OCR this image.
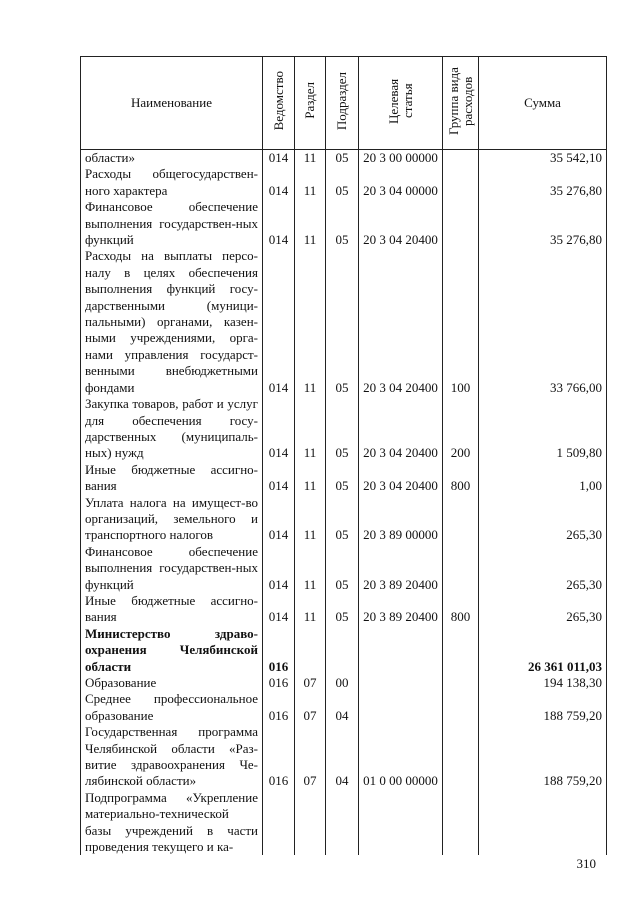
Наименование	Ведомство	Раздел	Подраздел	Целевая статья	Группа вида расходов	Сумма
области»	014	11	05	20 3 00 00000		35 542,10
Расходы общегосударствен-ного характера	014	11	05	20 3 04 00000		35 276,80
Финансовое обеспечение выполнения государствен-ных функций	014	11	05	20 3 04 20400		35 276,80
Расходы на выплаты персо-налу в целях обеспечения выполнения функций госу-дарственными (муници-пальными) органами, казен-ными учреждениями, орга-нами управления государст-венными внебюджетными фондами	014	11	05	20 3 04 20400	100	33 766,00
Закупка товаров, работ и услуг для обеспечения госу-дарственных (муниципаль-ных) нужд	014	11	05	20 3 04 20400	200	1 509,80
Иные бюджетные ассигно-вания	014	11	05	20 3 04 20400	800	1,00
Уплата налога на имущест-во организаций, земельного и транспортного налогов	014	11	05	20 3 89 00000		265,30
Финансовое обеспечение выполнения государствен-ных функций	014	11	05	20 3 89 20400		265,30
Иные бюджетные ассигно-вания	014	11	05	20 3 89 20400	800	265,30
Министерство здраво-охранения Челябинской области	016					26 361 011,03
Образование	016	07	00			194 138,30
Среднее профессиональное образование	016	07	04			188 759,20
Государственная программа Челябинской области «Раз-витие здравоохранения Че-лябинской области»	016	07	04	01 0 00 00000		188 759,20
Подпрограмма «Укрепление материально-технической базы учреждений в части проведения текущего и ка-						
310
